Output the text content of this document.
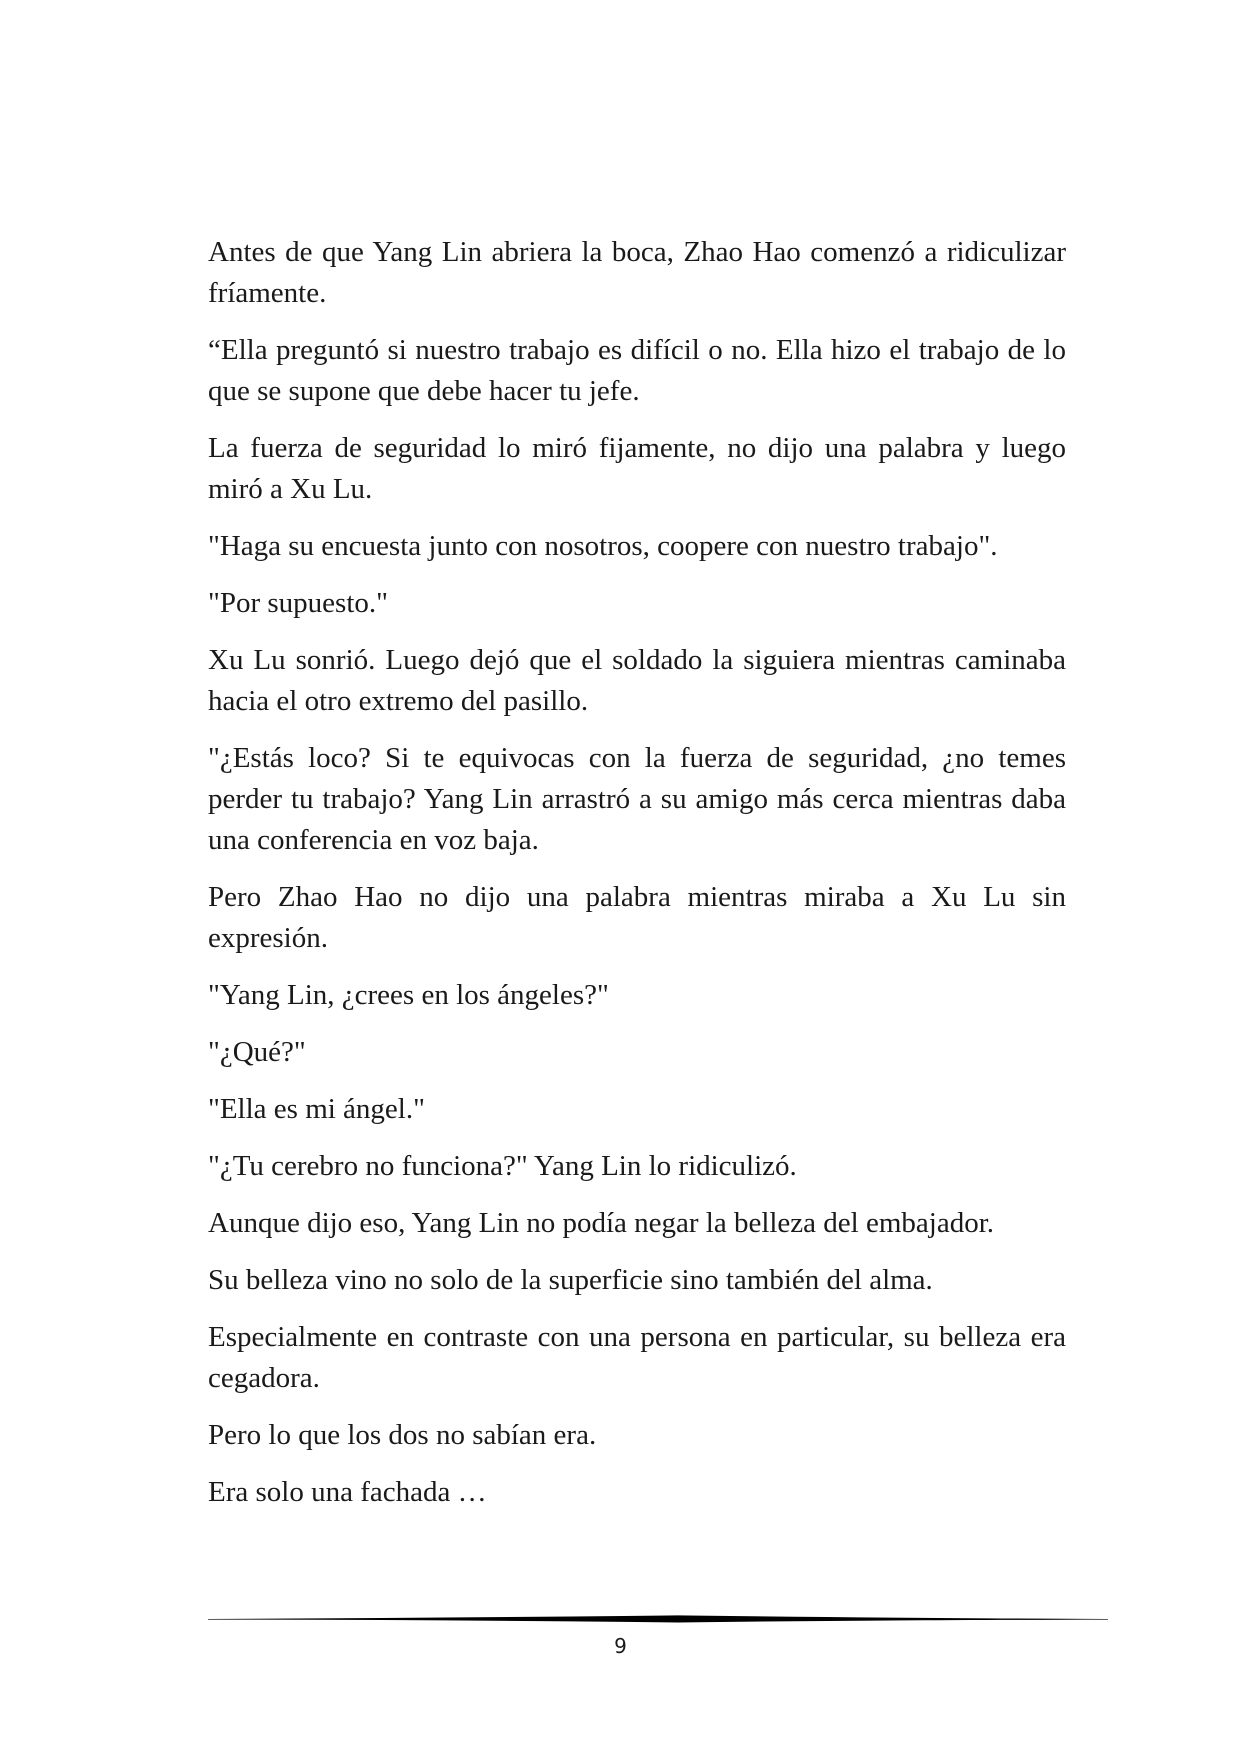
Antes de que Yang Lin abriera la boca, Zhao Hao comenzó a ridiculizar fríamente.

“Ella preguntó si nuestro trabajo es difícil o no. Ella hizo el trabajo de lo que se supone que debe hacer tu jefe.

La fuerza de seguridad lo miró fijamente, no dijo una palabra y luego miró a Xu Lu.

"Haga su encuesta junto con nosotros, coopere con nuestro trabajo".

"Por supuesto."

Xu Lu sonrió. Luego dejó que el soldado la siguiera mientras caminaba hacia el otro extremo del pasillo.

"¿Estás loco? Si te equivocas con la fuerza de seguridad, ¿no temes perder tu trabajo? Yang Lin arrastró a su amigo más cerca mientras daba una conferencia en voz baja.

Pero Zhao Hao no dijo una palabra mientras miraba a Xu Lu sin expresión.

"Yang Lin, ¿crees en los ángeles?"

"¿Qué?"

"Ella es mi ángel."

"¿Tu cerebro no funciona?" Yang Lin lo ridiculizó.

Aunque dijo eso, Yang Lin no podía negar la belleza del embajador.

Su belleza vino no solo de la superficie sino también del alma.

Especialmente en contraste con una persona en particular, su belleza era cegadora.

Pero lo que los dos no sabían era.

Era solo una fachada …

9
